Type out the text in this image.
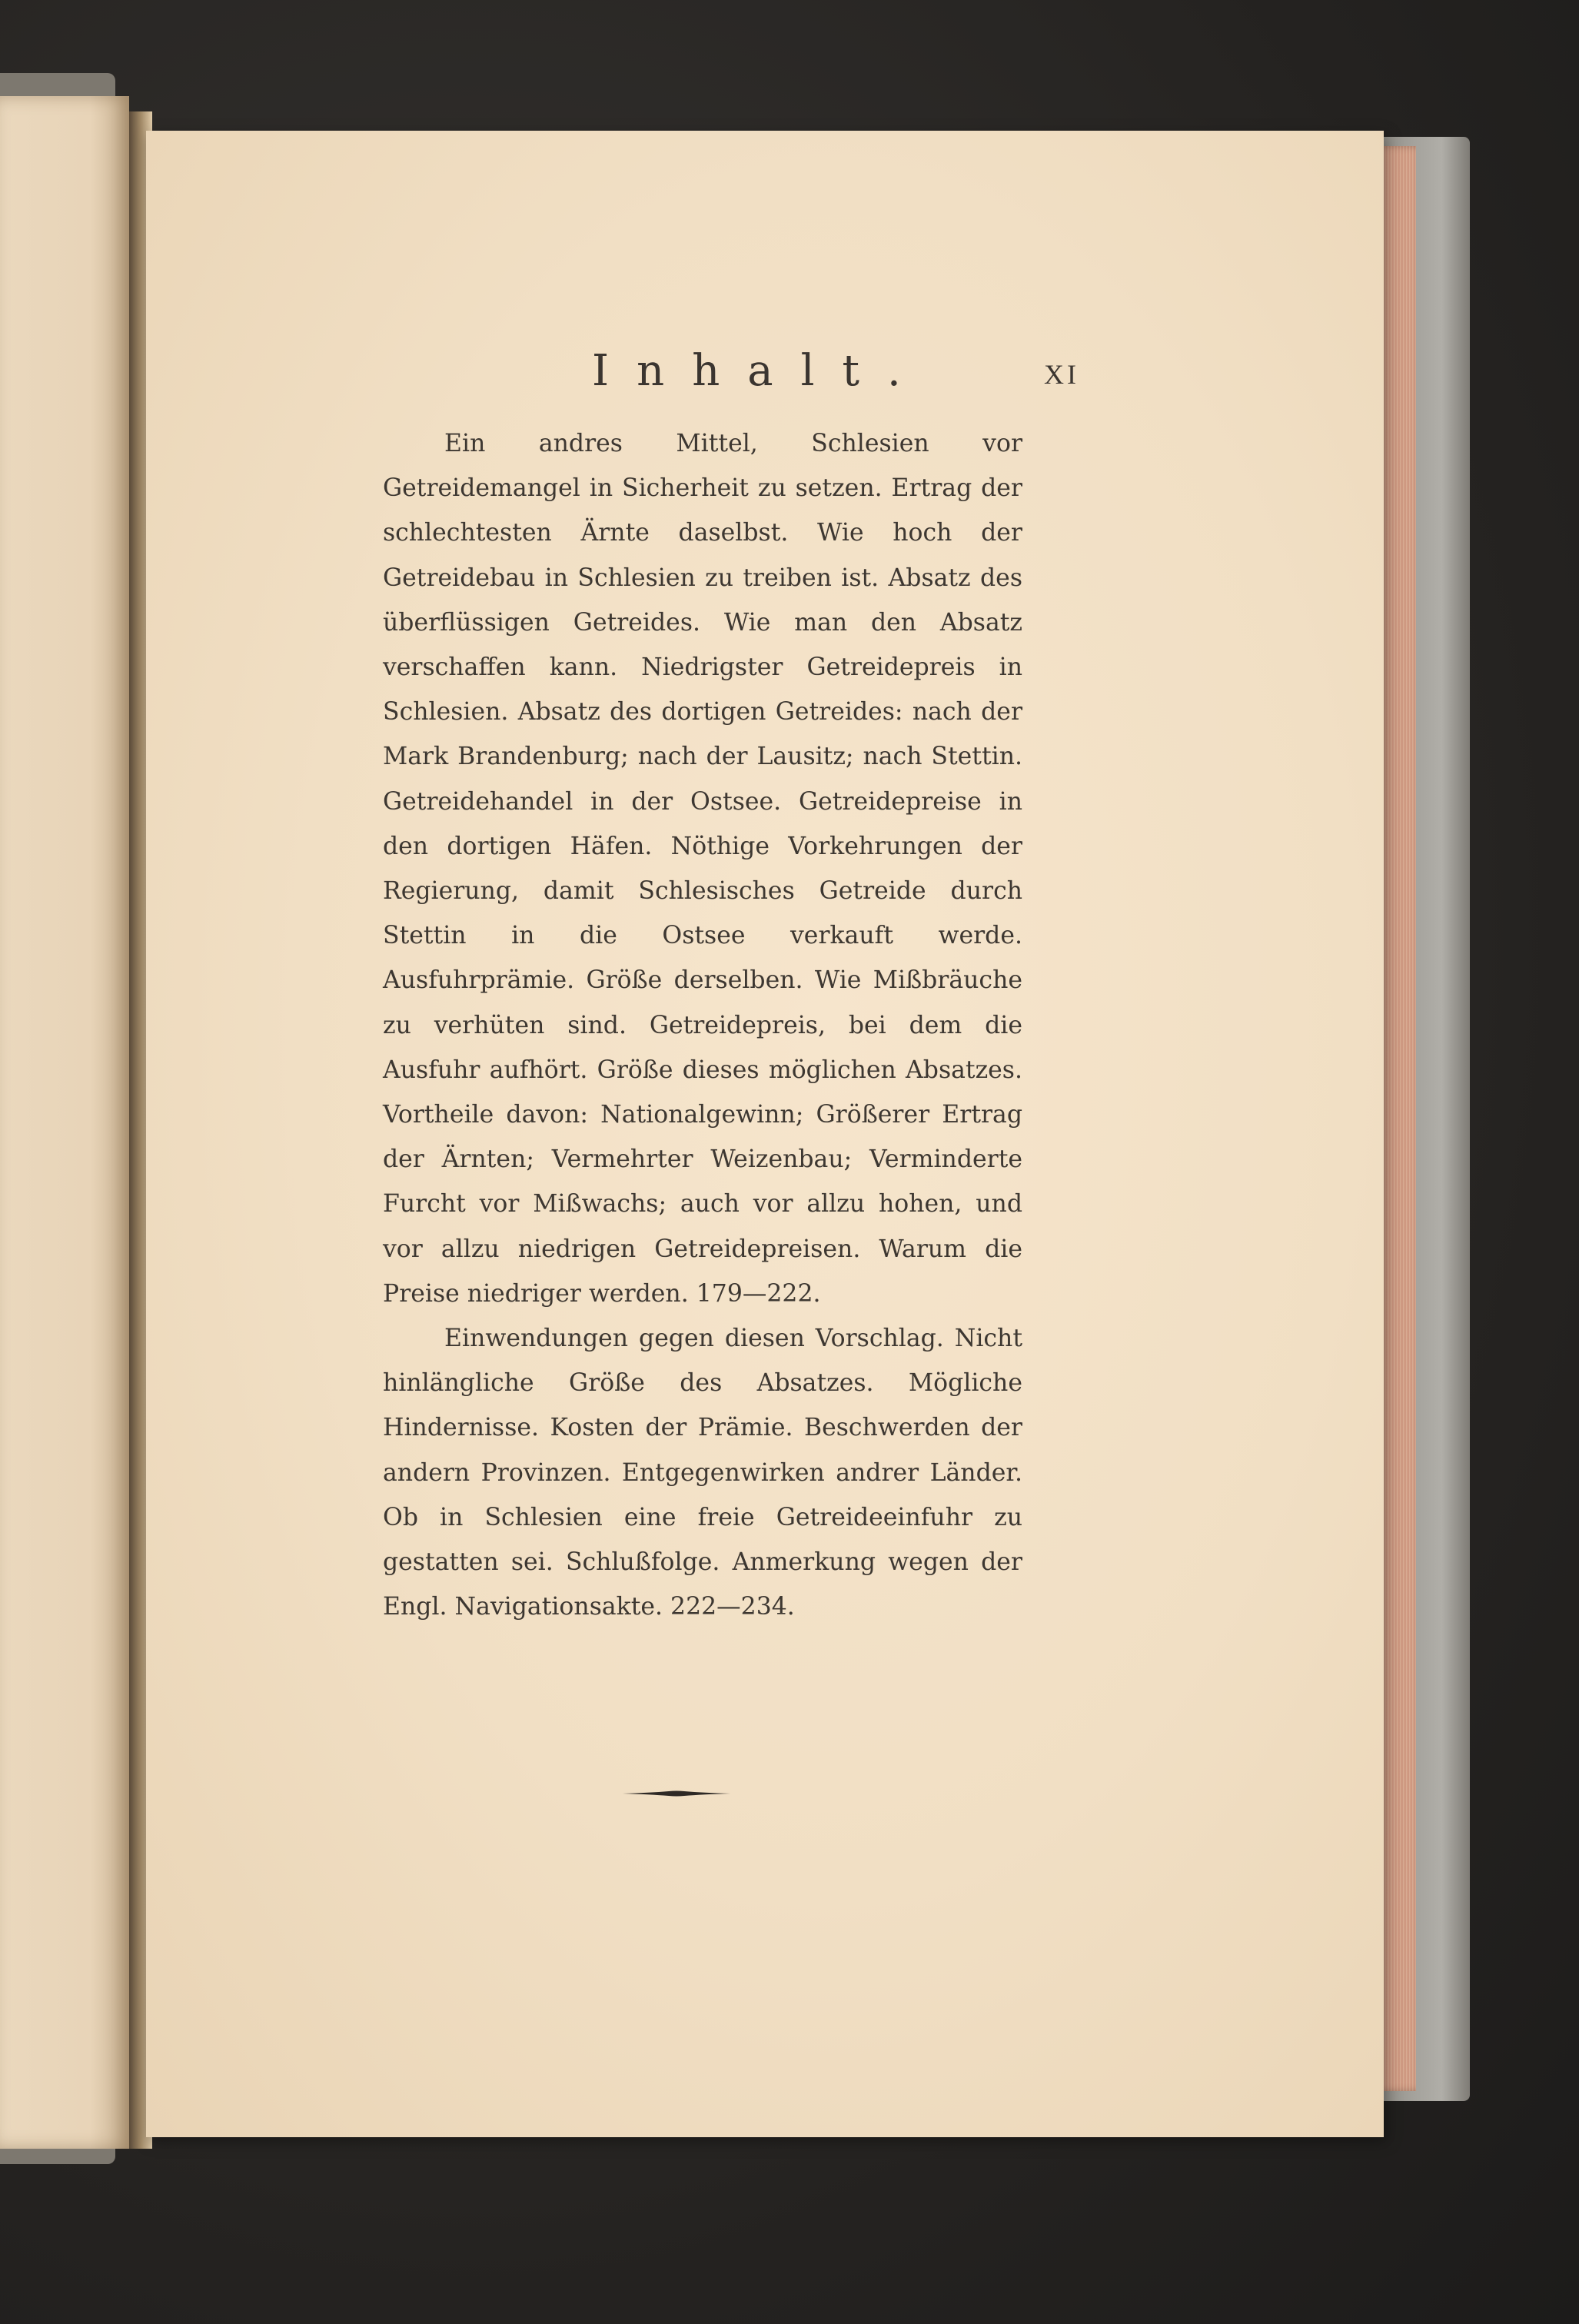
Inhalt.	XI

Ein andres Mittel, Schlesien vor Getreidemangel in Sicherheit zu setzen. Ertrag der schlechtesten Ärnte daselbst. Wie hoch der Getreidebau in Schlesien zu treiben ist. Absatz des überflüssigen Getreides. Wie man den Absatz verschaffen kann. Niedrigster Getreidepreis in Schlesien. Absatz des dortigen Getreides: nach der Mark Brandenburg; nach der Lausitz; nach Stettin. Getreidehandel in der Ostsee. Getreidepreise in den dortigen Häfen. Nöthige Vorkehrungen der Regierung, damit Schlesisches Getreide durch Stettin in die Ostsee verkauft werde. Ausfuhrprämie. Größe derselben. Wie Mißbräuche zu verhüten sind. Getreidepreis, bei dem die Ausfuhr aufhört. Größe dieses möglichen Absatzes. Vortheile davon: Nationalgewinn; Größerer Ertrag der Ärnten; Vermehrter Weizenbau; Verminderte Furcht vor Mißwachs; auch vor allzu hohen, und vor allzu niedrigen Getreidepreisen. Warum die Preise niedriger werden. 179—222.

Einwendungen gegen diesen Vorschlag. Nicht hinlängliche Größe des Absatzes. Mögliche Hindernisse. Kosten der Prämie. Beschwerden der andern Provinzen. Entgegenwirken andrer Länder. Ob in Schlesien eine freie Getreideeinfuhr zu gestatten sei. Schlußfolge. Anmerkung wegen der Engl. Navigationsakte. 222—234.
